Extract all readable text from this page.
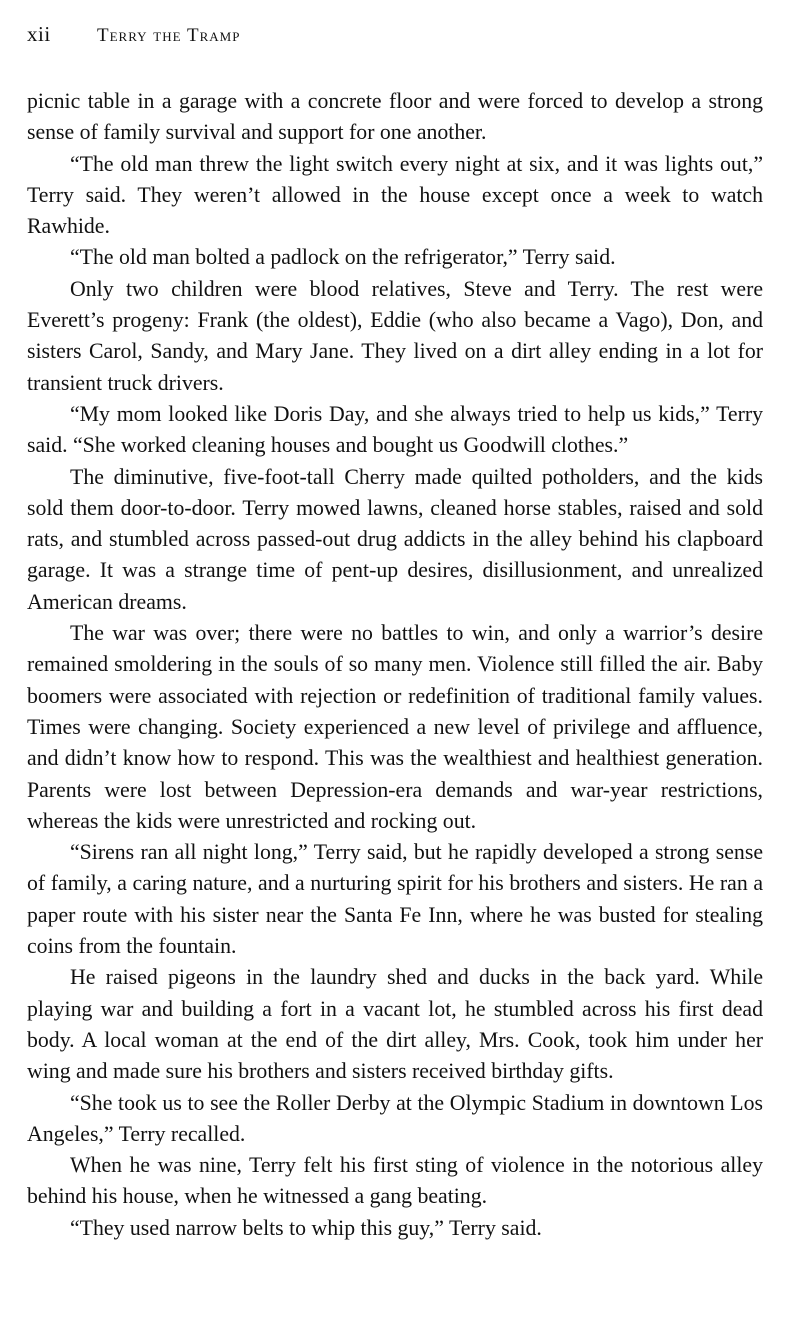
xii Terry the Tramp

picnic table in a garage with a concrete floor and were forced to develop a strong sense of family survival and support for one another.

“The old man threw the light switch every night at six, and it was lights out,” Terry said. They weren’t allowed in the house except once a week to watch Rawhide.

“The old man bolted a padlock on the refrigerator,” Terry said.

Only two children were blood relatives, Steve and Terry. The rest were Everett’s progeny: Frank (the oldest), Eddie (who also became a Vago), Don, and sisters Carol, Sandy, and Mary Jane. They lived on a dirt alley ending in a lot for transient truck drivers.

“My mom looked like Doris Day, and she always tried to help us kids,” Terry said. “She worked cleaning houses and bought us Goodwill clothes.”

The diminutive, five-foot-tall Cherry made quilted potholders, and the kids sold them door-to-door. Terry mowed lawns, cleaned horse stables, raised and sold rats, and stumbled across passed-out drug addicts in the alley behind his clapboard garage. It was a strange time of pent-up desires, disillusionment, and unrealized American dreams.

The war was over; there were no battles to win, and only a warrior’s desire remained smoldering in the souls of so many men. Violence still filled the air. Baby boomers were associated with rejection or redefinition of traditional family values. Times were changing. Society experienced a new level of privilege and affluence, and didn’t know how to respond. This was the wealthiest and healthiest generation. Parents were lost between Depression-era demands and war-year restrictions, whereas the kids were unrestricted and rocking out.

“Sirens ran all night long,” Terry said, but he rapidly developed a strong sense of family, a caring nature, and a nurturing spirit for his brothers and sisters. He ran a paper route with his sister near the Santa Fe Inn, where he was busted for stealing coins from the fountain.

He raised pigeons in the laundry shed and ducks in the back yard. While playing war and building a fort in a vacant lot, he stumbled across his first dead body. A local woman at the end of the dirt alley, Mrs. Cook, took him under her wing and made sure his brothers and sisters received birthday gifts.

“She took us to see the Roller Derby at the Olympic Stadium in downtown Los Angeles,” Terry recalled.

When he was nine, Terry felt his first sting of violence in the notorious alley behind his house, when he witnessed a gang beating.

“They used narrow belts to whip this guy,” Terry said.
